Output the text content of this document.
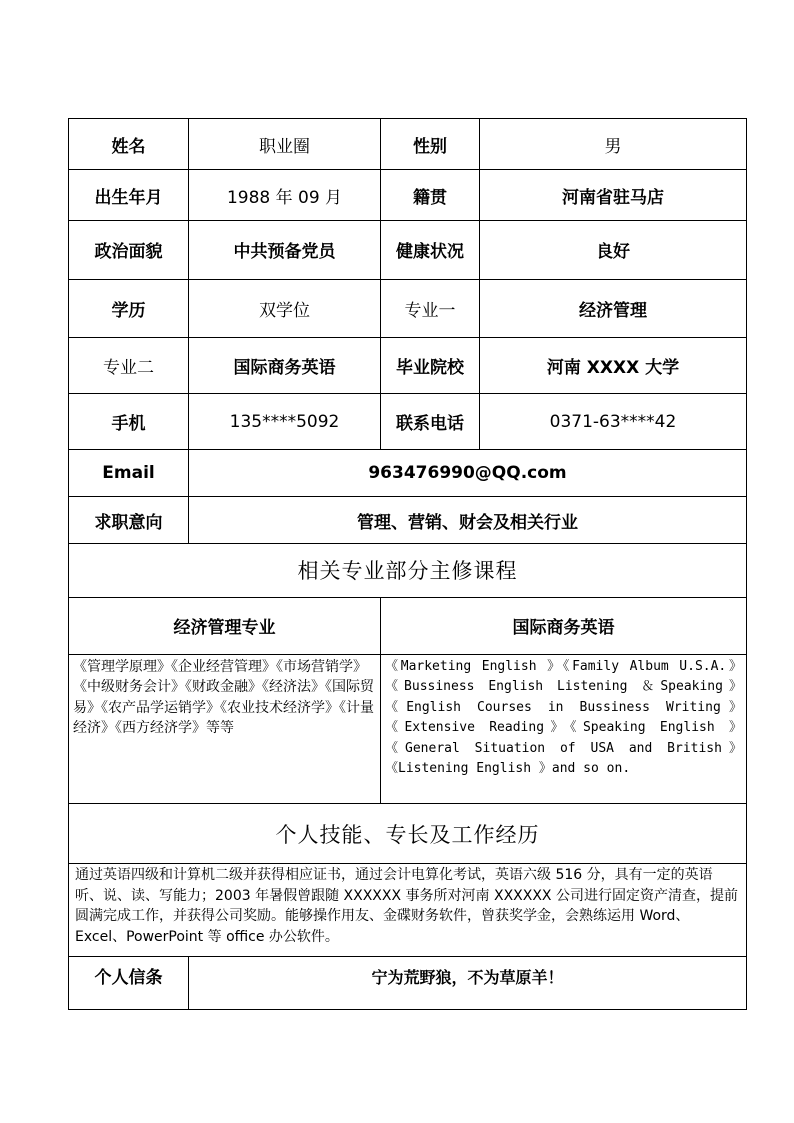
姓名	职业圈	性别	男
出生年月	1988 年 09 月	籍贯	河南省驻马店
政治面貌	中共预备党员	健康状况	良好
学历	双学位	专业一	经济管理
专业二	国际商务英语	毕业院校	河南 XXXX 大学
手机	135****5092	联系电话	0371-63****42
Email	963476990@QQ.com		
求职意向	管理、营销、财会及相关行业		
相关专业部分主修课程			
经济管理专业		国际商务英语	
《管理学原理》《企业经营管理》《市场营销学》《中级财务会计》《财政金融》《经济法》《国际贸易》《农产品学运销学》《农业技术经济学》《计量经济》《西方经济学》等等		《Marketing English 》《Family Album U.S.A.》《Bussiness English Listening ＆Speaking》《English Courses in Bussiness Writing》《Extensive Reading》《Speaking English 》《General Situation of USA and British》《Listening English 》and so on.	
个人技能、专长及工作经历			
通过英语四级和计算机二级并获得相应证书，通过会计电算化考试，英语六级 516 分，具有一定的英语听、说、读、写能力；2003 年暑假曾跟随 XXXXXX 事务所对河南 XXXXXX 公司进行固定资产清查，提前圆满完成工作，并获得公司奖励。能够操作用友、金碟财务软件，曾获奖学金，会熟练运用 Word、Excel、PowerPoint 等 office 办公软件。			
个人信条	宁为荒野狼，不为草原羊！		
